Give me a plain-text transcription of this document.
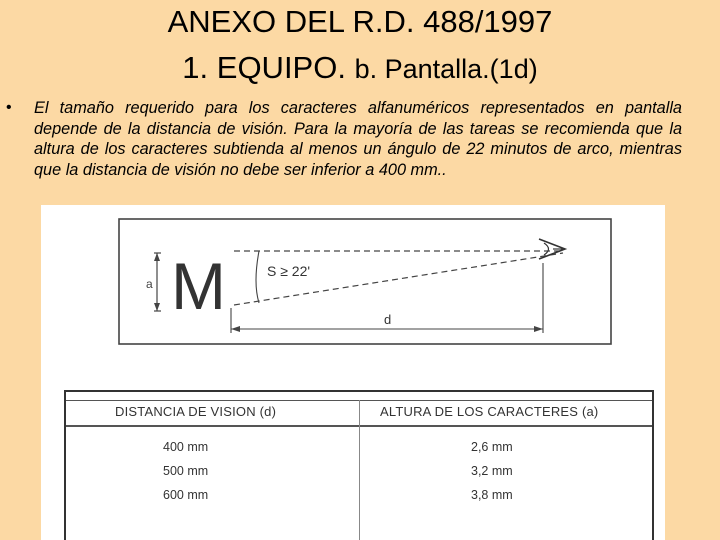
ANEXO DEL R.D. 488/1997
1. EQUIPO. b. Pantalla.(1d)
• El tamaño requerido para los caracteres alfanuméricos representados en pantalla depende de la distancia de visión. Para la mayoría de las tareas se recomienda que la altura de los caracteres subtienda al menos un ángulo de 22 minutos de arco, mientras que la distancia de visión no debe ser inferior a 400 mm..
a M	S ≥ 22'
d
DISTANCIA DE VISION (d)	ALTURA DE LOS CARACTERES (a)
400 mm	2,6 mm
500 mm	3,2 mm
600 mm	3,8 mm
